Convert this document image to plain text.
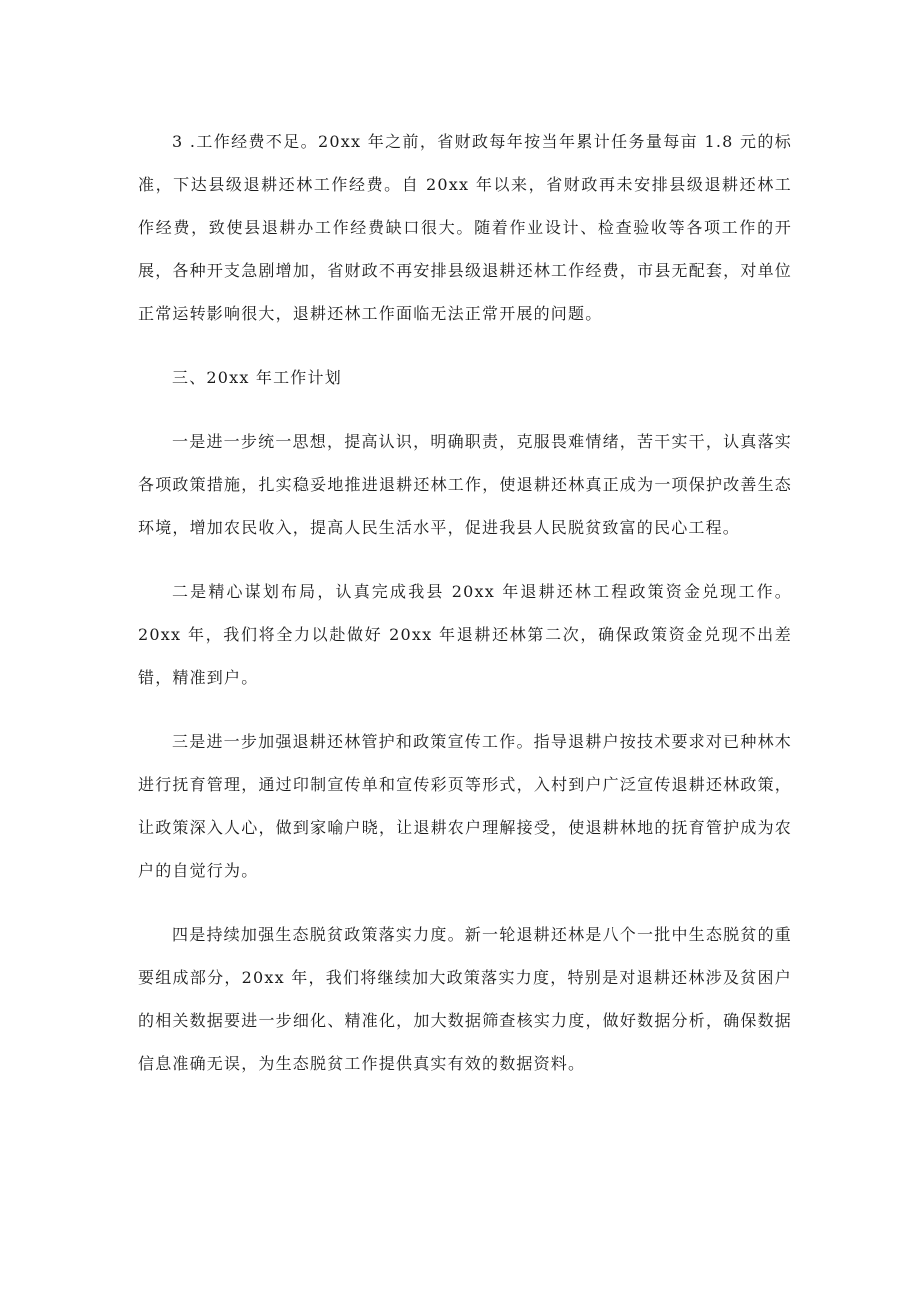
3 .工作经费不足。20xx 年之前，省财政每年按当年累计任务量每亩 1.8 元的标准，下达县级退耕还林工作经费。自 20xx 年以来，省财政再未安排县级退耕还林工作经费，致使县退耕办工作经费缺口很大。随着作业设计、检查验收等各项工作的开展，各种开支急剧增加，省财政不再安排县级退耕还林工作经费，市县无配套，对单位正常运转影响很大，退耕还林工作面临无法正常开展的问题。

三、20xx 年工作计划

一是进一步统一思想，提高认识，明确职责，克服畏难情绪，苦干实干，认真落实各项政策措施，扎实稳妥地推进退耕还林工作，使退耕还林真正成为一项保护改善生态环境，增加农民收入，提高人民生活水平，促进我县人民脱贫致富的民心工程。

二是精心谋划布局，认真完成我县 20xx 年退耕还林工程政策资金兑现工作。20xx 年，我们将全力以赴做好 20xx 年退耕还林第二次，确保政策资金兑现不出差错，精准到户。

三是进一步加强退耕还林管护和政策宣传工作。指导退耕户按技术要求对已种林木进行抚育管理，通过印制宣传单和宣传彩页等形式，入村到户广泛宣传退耕还林政策，让政策深入人心，做到家喻户晓，让退耕农户理解接受，使退耕林地的抚育管护成为农户的自觉行为。

四是持续加强生态脱贫政策落实力度。新一轮退耕还林是八个一批中生态脱贫的重要组成部分，20xx 年，我们将继续加大政策落实力度，特别是对退耕还林涉及贫困户的相关数据要进一步细化、精准化，加大数据筛查核实力度，做好数据分析，确保数据信息准确无误，为生态脱贫工作提供真实有效的数据资料。
